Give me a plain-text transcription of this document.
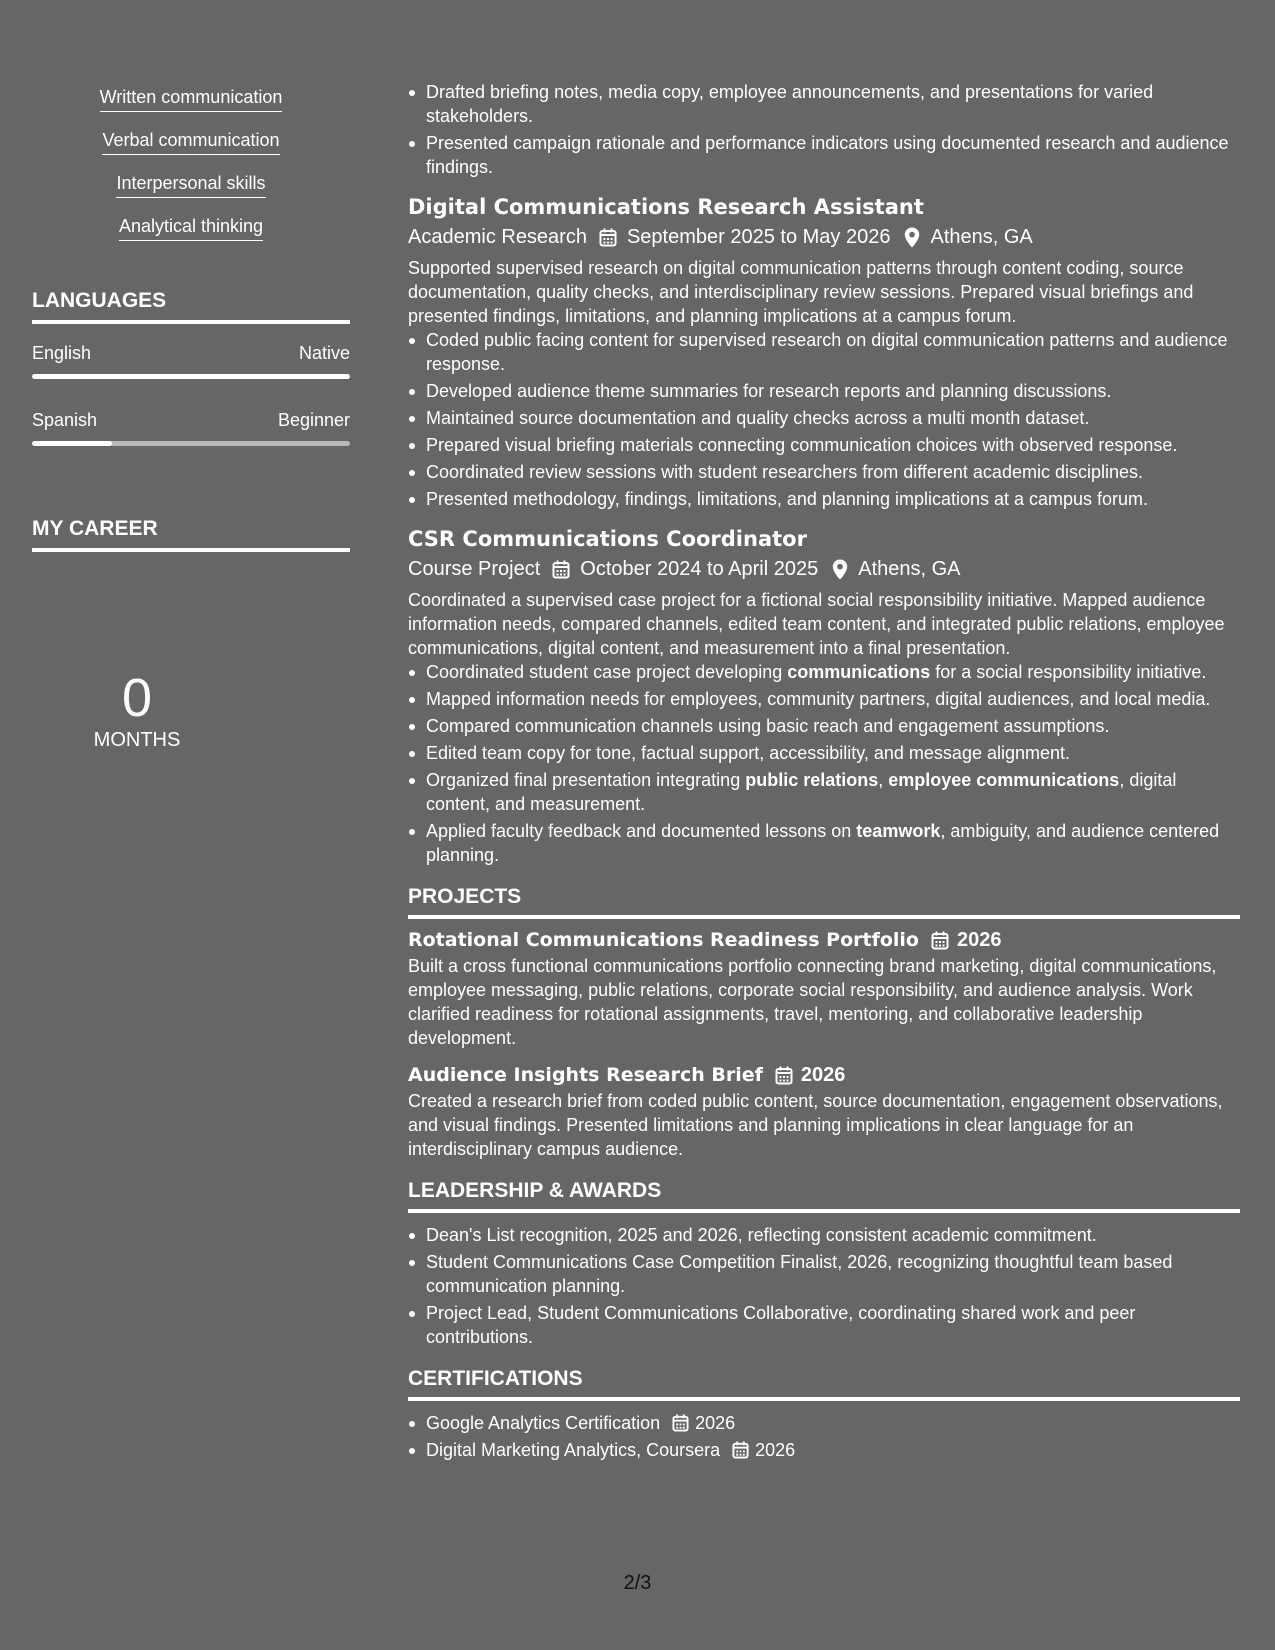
Written communication
Verbal communication
Interpersonal skills
Analytical thinking
LANGUAGES
English	Native
Spanish	Beginner
MY CAREER
0
MONTHS
Drafted briefing notes, media copy, employee announcements, and presentations for varied stakeholders.
Presented campaign rationale and performance indicators using documented research and audience findings.
Digital Communications Research Assistant
Academic Research September 2025 to May 2026 Athens, GA

Supported supervised research on digital communication patterns through content coding, source documentation, quality checks, and interdisciplinary review sessions. Prepared visual briefings and presented findings, limitations, and planning implications at a campus forum.

Coded public facing content for supervised research on digital communication patterns and audience response.
Developed audience theme summaries for research reports and planning discussions.
Maintained source documentation and quality checks across a multi month dataset.
Prepared visual briefing materials connecting communication choices with observed response.
Coordinated review sessions with student researchers from different academic disciplines.
Presented methodology, findings, limitations, and planning implications at a campus forum.
CSR Communications Coordinator
Course Project October 2024 to April 2025 Athens, GA

Coordinated a supervised case project for a fictional social responsibility initiative. Mapped audience information needs, compared channels, edited team content, and integrated public relations, employee communications, digital content, and measurement into a final presentation.

Coordinated student case project developing communications for a social responsibility initiative.
Mapped information needs for employees, community partners, digital audiences, and local media.
Compared communication channels using basic reach and engagement assumptions.
Edited team copy for tone, factual support, accessibility, and message alignment.
Organized final presentation integrating public relations, employee communications, digital content, and measurement.
Applied faculty feedback and documented lessons on teamwork, ambiguity, and audience centered planning.
PROJECTS
Rotational Communications Readiness Portfolio 2026

Built a cross functional communications portfolio connecting brand marketing, digital communications, employee messaging, public relations, corporate social responsibility, and audience analysis. Work clarified readiness for rotational assignments, travel, mentoring, and collaborative leadership development.

Audience Insights Research Brief 2026

Created a research brief from coded public content, source documentation, engagement observations, and visual findings. Presented limitations and planning implications in clear language for an interdisciplinary campus audience.

LEADERSHIP & AWARDS
Dean's List recognition, 2025 and 2026, reflecting consistent academic commitment.
Student Communications Case Competition Finalist, 2026, recognizing thoughtful team based communication planning.
Project Lead, Student Communications Collaborative, coordinating shared work and peer contributions.
CERTIFICATIONS
Google Analytics Certification 2026
Digital Marketing Analytics, Coursera 2026
2/3
